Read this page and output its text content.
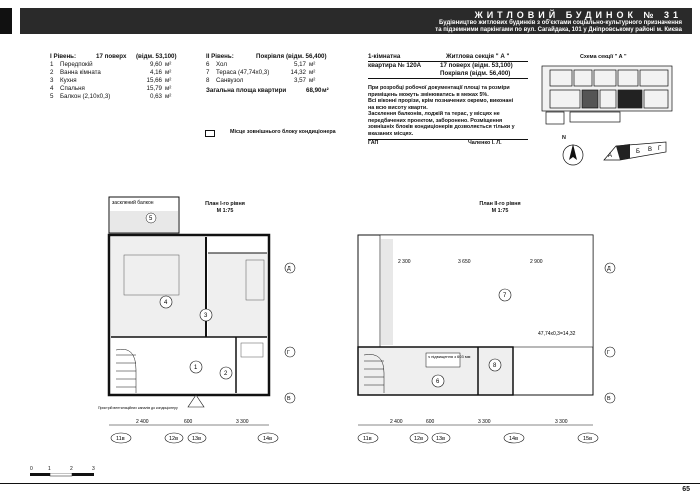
ЖИТЛОВИЙ БУДИНОК № 31
Будівництво житлових будинків з об'єктами соціально-культурного призначення
та підземними паркінгами по вул. Сагайдака, 101 у Дніпровському районі м. Києва
I Рівень:	17 поверх	(відм. 53,100)
1	Передпокій	9,60 м²
2	Ванна кімната	4,16 м²
3	Кухня	15,66 м²
4	Спальня	15,79 м²
5	Балкон (2,10х0,3)	0,63 м²
II Рівень:	Покрівля (відм. 56,400)
6	Хол	5,17 м²
7	Тераса (47,74х0,3)	14,32 м²
8	Санвузол	3,57 м²
Загальна площа квартири	68,90 м²
1-кімнатна	Житлова секція " А "
квартира № 120А	17 поверх (відм. 53,100)
Покрівля (відм. 56,400)
При розробці робочої документації площі та розміри
приміщень можуть змінюватись в межах 5%.
Всі віконні прорізи, крім позначених окремо, виконані
на всю висоту кварти.
Засклення балконів, лоджій та терас, у місцях не
передбачених проектом, заборонено. Розміщення
зовнішніх блоків кондиціонерів дозволяється тільки у
вказаних місцях.
ГАП	Чаленко І. Л.
Місце зовнішнього блоку кондиціонера
Схема секції " А "
N
А
Б В Г
План І-го рівня
М 1:75
засклений балкон
5
4
3
1
2
Пристрій вентиляційних каналів до кондиціонеру
2 400	600	3 300
11в	12в	13в	14в
Д
Г
В
План ІІ-го рівня
М 1:75
2 300	3 650	2 900
7
47,74х0,3=14,32
ч підвищення з 603 мм
6
8
2 400	600	3 300	3 300
11в	12в 13в	14в	15в
Д
Г
В
0	1	2	3
65
